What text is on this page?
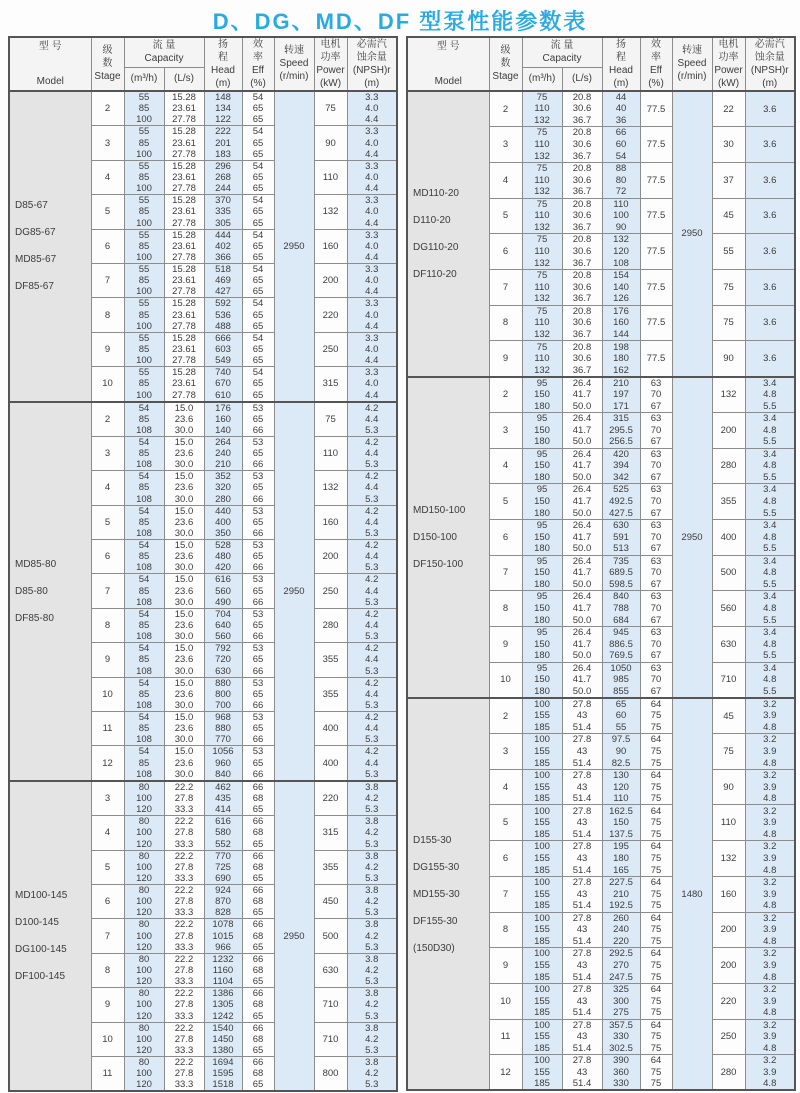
D、DG、MD、DF 型泵性能参数表
型 号
Model	级
数
Stage	流 量
Capacity		扬
程
Head
(m)	效
率
Eff
(%)	转速
Speed
(r/min)	电机
功率
Power
(kW)	必需汽
蚀余量
(NPSH)r
(m)

		(m³/h)	(L/s)					

D85-67
DG85-67
MD85-67
DF85-67	2	55	15.28	148	54	2950	75	3.3
		85	23.61	134	65			4.0
		100	27.78	122	65			4.4
	3	55	15.28	222	54		90	3.3
		85	23.61	201	65			4.0
		100	27.78	183	65			4.4
	4	55	15.28	296	54		110	3.3
		85	23.61	268	65			4.0
		100	27.78	244	65			4.4
	5	55	15.28	370	54		132	3.3
		85	23.61	335	65			4.0
		100	27.78	305	65			4.4
	6	55	15.28	444	54		160	3.3
		85	23.61	402	65			4.0
		100	27.78	366	65			4.4
	7	55	15.28	518	54		200	3.3
		85	23.61	469	65			4.0
		100	27.78	427	65			4.4
	8	55	15.28	592	54		220	3.3
		85	23.61	536	65			4.0
		100	27.78	488	65			4.4
	9	55	15.28	666	54		250	3.3
		85	23.61	603	65			4.0
		100	27.78	549	65			4.4
	10	55	15.28	740	54		315	3.3
		85	23.61	670	65			4.0
		100	27.78	610	65			4.4

MD85-80
D85-80
DF85-80	2	54	15.0	176	53	2950	75	4.2
		85	23.6	160	65			4.4
		108	30.0	140	66			5.3
	3	54	15.0	264	53		110	4.2
		85	23.6	240	65			4.4
		108	30.0	210	66			5.3
	4	54	15.0	352	53		132	4.2
		85	23.6	320	65			4.4
		108	30.0	280	66			5.3
	5	54	15.0	440	53		160	4.2
		85	23.6	400	65			4.4
		108	30.0	350	66			5.3
	6	54	15.0	528	53		200	4.2
		85	23.6	480	65			4.4
		108	30.0	420	66			5.3
	7	54	15.0	616	53		250	4.2
		85	23.6	560	65			4.4
		108	30.0	490	66			5.3
	8	54	15.0	704	53		280	4.2
		85	23.6	640	65			4.4
		108	30.0	560	66			5.3
	9	54	15.0	792	53		355	4.2
		85	23.6	720	65			4.4
		108	30.0	630	66			5.3
	10	54	15.0	880	53		355	4.2
		85	23.6	800	65			4.4
		108	30.0	700	66			5.3
	11	54	15.0	968	53		400	4.2
		85	23.6	880	65			4.4
		108	30.0	770	66			5.3
	12	54	15.0	1056	53		400	4.2
		85	23.6	960	65			4.4
		108	30.0	840	66			5.3

MD100-145
D100-145
DG100-145
DF100-145	3	80	22.2	462	66	2950	220	3.8
		100	27.8	435	68			4.2
		120	33.3	414	65			5.3
	4	80	22.2	616	66		315	3.8
		100	27.8	580	68			4.2
		120	33.3	552	65			5.3
	5	80	22.2	770	66		355	3.8
		100	27.8	725	68			4.2
		120	33.3	690	65			5.3
	6	80	22.2	924	66		450	3.8
		100	27.8	870	68			4.2
		120	33.3	828	65			5.3
	7	80	22.2	1078	66		500	3.8
		100	27.8	1015	68			4.2
		120	33.3	966	65			5.3
	8	80	22.2	1232	66		630	3.8
		100	27.8	1160	68			4.2
		120	33.3	1104	65			5.3
	9	80	22.2	1386	66		710	3.8
		100	27.8	1305	68			4.2
		120	33.3	1242	65			5.3
	10	80	22.2	1540	66		710	3.8
		100	27.8	1450	68			4.2
		120	33.3	1380	65			5.3
	11	80	22.2	1694	66		800	3.8
		100	27.8	1595	68			4.2
		120	33.3	1518	65			5.3
型 号
Model	级
数
Stage	流 量
Capacity		扬
程
Head
(m)	效
率
Eff
(%)	转速
Speed
(r/min)	电机
功率
Power
(kW)	必需汽
蚀余量
(NPSH)r
(m)

		(m³/h)	(L/s)					

MD110-20
D110-20
DG110-20
DF110-20	2	75	20.8	44	77.5	2950	22	3.6
		110	30.6	40				
		132	36.7	36				
	3	75	20.8	66	77.5		30	3.6
		110	30.6	60				
		132	36.7	54				
	4	75	20.8	88	77.5		37	3.6
		110	30.6	80				
		132	36.7	72				
	5	75	20.8	110	77.5		45	3.6
		110	30.6	100				
		132	36.7	90				
	6	75	20.8	132	77.5		55	3.6
		110	30.6	120				
		132	36.7	108				
	7	75	20.8	154	77.5		75	3.6
		110	30.6	140				
		132	36.7	126				
	8	75	20.8	176	77.5		75	3.6
		110	30.6	160				
		132	36.7	144				
	9	75	20.8	198	77.5		90	3.6
		110	30.6	180				
		132	36.7	162				

MD150-100
D150-100
DF150-100	2	95	26.4	210	63	2950	132	3.4
		150	41.7	197	70			4.8
		180	50.0	171	67			5.5
	3	95	26.4	315	63		200	3.4
		150	41.7	295.5	70			4.8
		180	50.0	256.5	67			5.5
	4	95	26.4	420	63		280	3.4
		150	41.7	394	70			4.8
		180	50.0	342	67			5.5
	5	95	26.4	525	63		355	3.4
		150	41.7	492.5	70			4.8
		180	50.0	427.5	67			5.5
	6	95	26.4	630	63		400	3.4
		150	41.7	591	70			4.8
		180	50.0	513	67			5.5
	7	95	26.4	735	63		500	3.4
		150	41.7	689.5	70			4.8
		180	50.0	598.5	67			5.5
	8	95	26.4	840	63		560	3.4
		150	41.7	788	70			4.8
		180	50.0	684	67			5.5
	9	95	26.4	945	63		630	3.4
		150	41.7	886.5	70			4.8
		180	50.0	769.5	67			5.5
	10	95	26.4	1050	63		710	3.4
		150	41.7	985	70			4.8
		180	50.0	855	67			5.5

D155-30
DG155-30
MD155-30
DF155-30
(150D30)	2	100	27.8	65	64	1480	45	3.2
		155	43	60	75			3.9
		185	51.4	55	75			4.8
	3	100	27.8	97.5	64		75	3.2
		155	43	90	75			3.9
		185	51.4	82.5	75			4.8
	4	100	27.8	130	64		90	3.2
		155	43	120	75			3.9
		185	51.4	110	75			4.8
	5	100	27.8	162.5	64		110	3.2
		155	43	150	75			3.9
		185	51.4	137.5	75			4.8
	6	100	27.8	195	64		132	3.2
		155	43	180	75			3.9
		185	51.4	165	75			4.8
	7	100	27.8	227.5	64		160	3.2
		155	43	210	75			3.9
		185	51.4	192.5	75			4.8
	8	100	27.8	260	64		200	3.2
		155	43	240	75			3.9
		185	51.4	220	75			4.8
	9	100	27.8	292.5	64		200	3.2
		155	43	270	75			3.9
		185	51.4	247.5	75			4.8
	10	100	27.8	325	64		220	3.2
		155	43	300	75			3.9
		185	51.4	275	75			4.8
	11	100	27.8	357.5	64		250	3.2
		155	43	330	75			3.9
		185	51.4	302.5	75			4.8
	12	100	27.8	390	64		280	3.2
		155	43	360	75			3.9
		185	51.4	330	75			4.8
